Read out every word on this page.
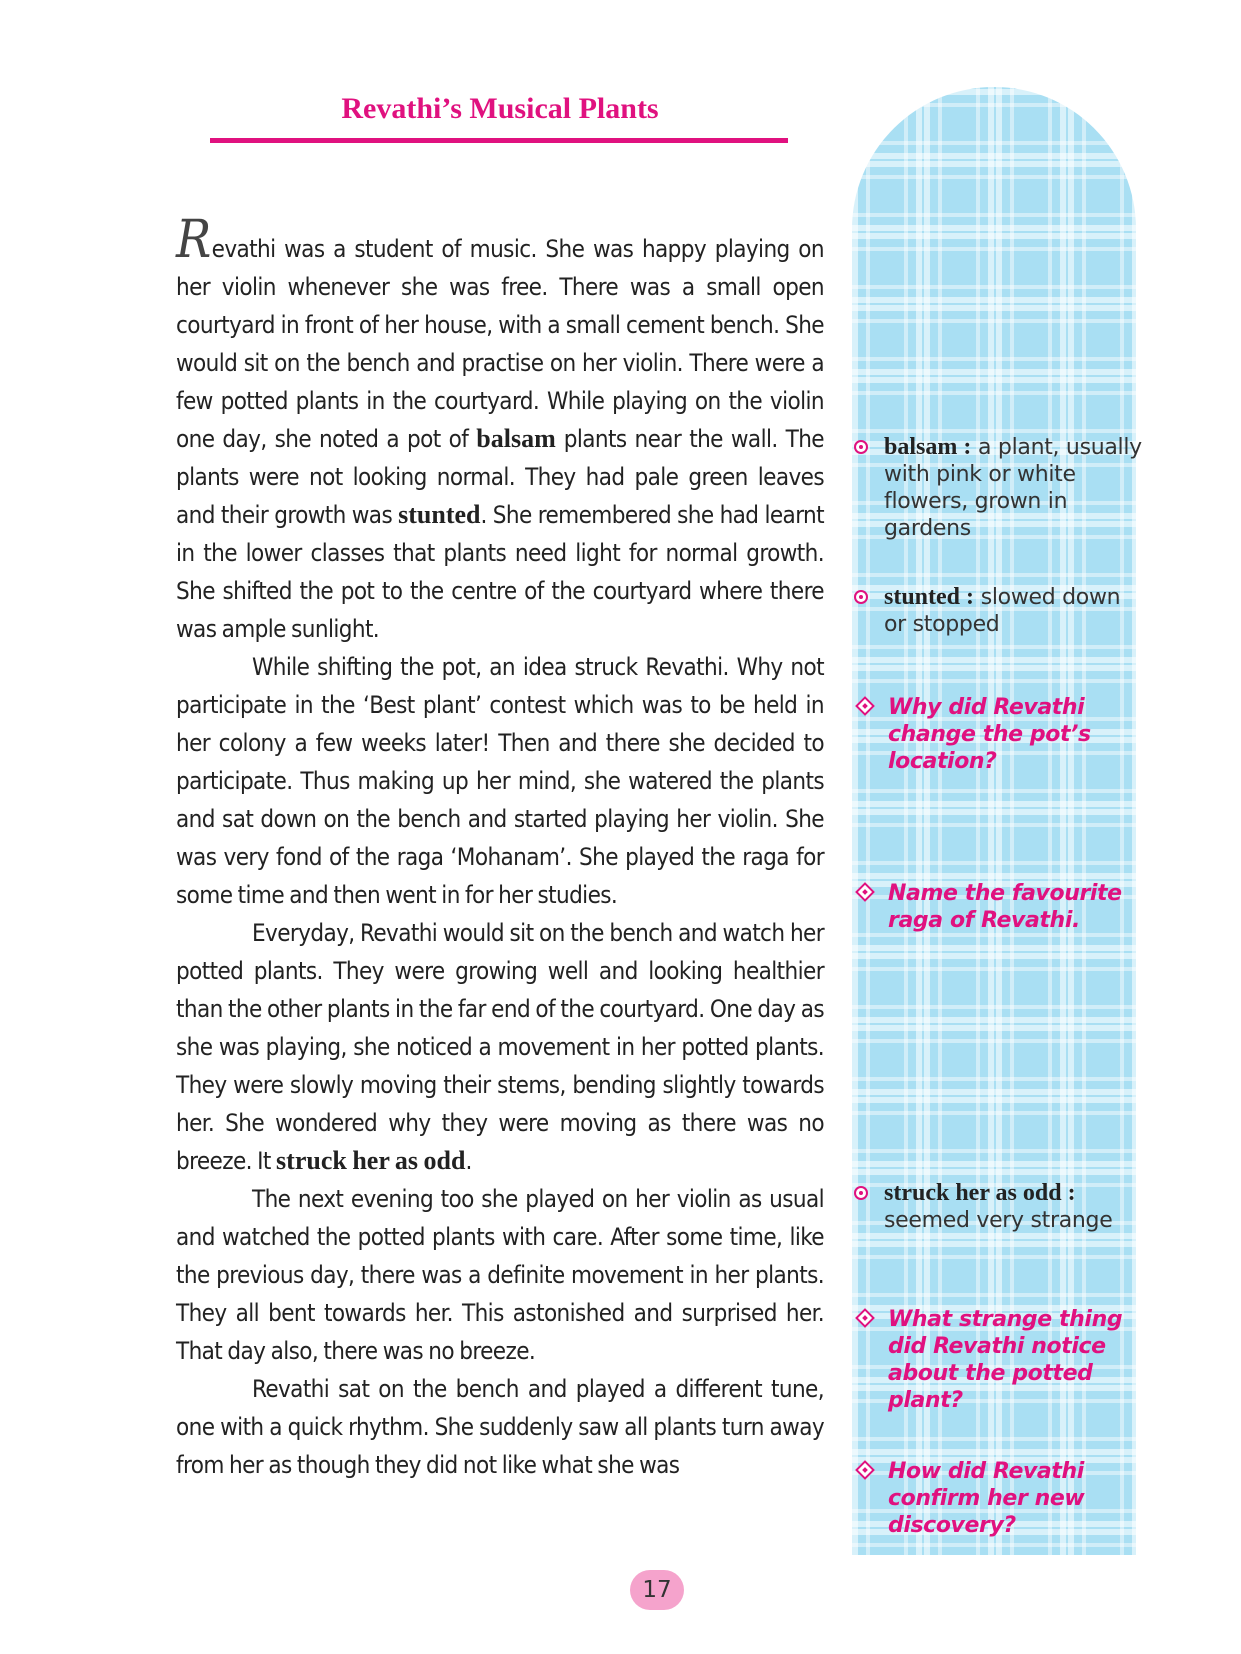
Revathi’s Musical Plants

Revathi was a student of music. She was happy playing on her violin whenever she was free. There was a small open courtyard in front of her house, with a small cement bench. She would sit on the bench and practise on her violin. There were a few potted plants in the courtyard. While playing on the violin one day, she noted a pot of balsam plants near the wall. The plants were not looking normal. They had pale green leaves and their growth was stunted. She remembered she had learnt in the lower classes that plants need light for normal growth. She shifted the pot to the centre of the courtyard where there was ample sunlight.

While shifting the pot, an idea struck Revathi. Why not participate in the ‘Best plant’ contest which was to be held in her colony a few weeks later! Then and there she decided to participate. Thus making up her mind, she watered the plants and sat down on the bench and started playing her violin. She was very fond of the raga ‘Mohanam’. She played the raga for some time and then went in for her studies.

Everyday, Revathi would sit on the bench and watch her potted plants. They were growing well and looking healthier than the other plants in the far end of the courtyard. One day as she was playing, she noticed a movement in her potted plants. They were slowly moving their stems, bending slightly towards her. She wondered why they were moving as there was no breeze. It struck her as odd.

The next evening too she played on her violin as usual and watched the potted plants with care. After some time, like the previous day, there was a definite movement in her plants. They all bent towards her. This astonished and surprised her. That day also, there was no breeze.

Revathi sat on the bench and played a different tune, one with a quick rhythm. She suddenly saw all plants turn away from her as though they did not like what she was

balsam : a plant, usually with pink or white flowers, grown in gardens
stunted : slowed down or stopped
Why did Revathi change the pot’s location?
Name the favourite raga of Revathi.
struck her as odd : seemed very strange
What strange thing did Revathi notice about the potted plant?
How did Revathi confirm her new discovery?
17
